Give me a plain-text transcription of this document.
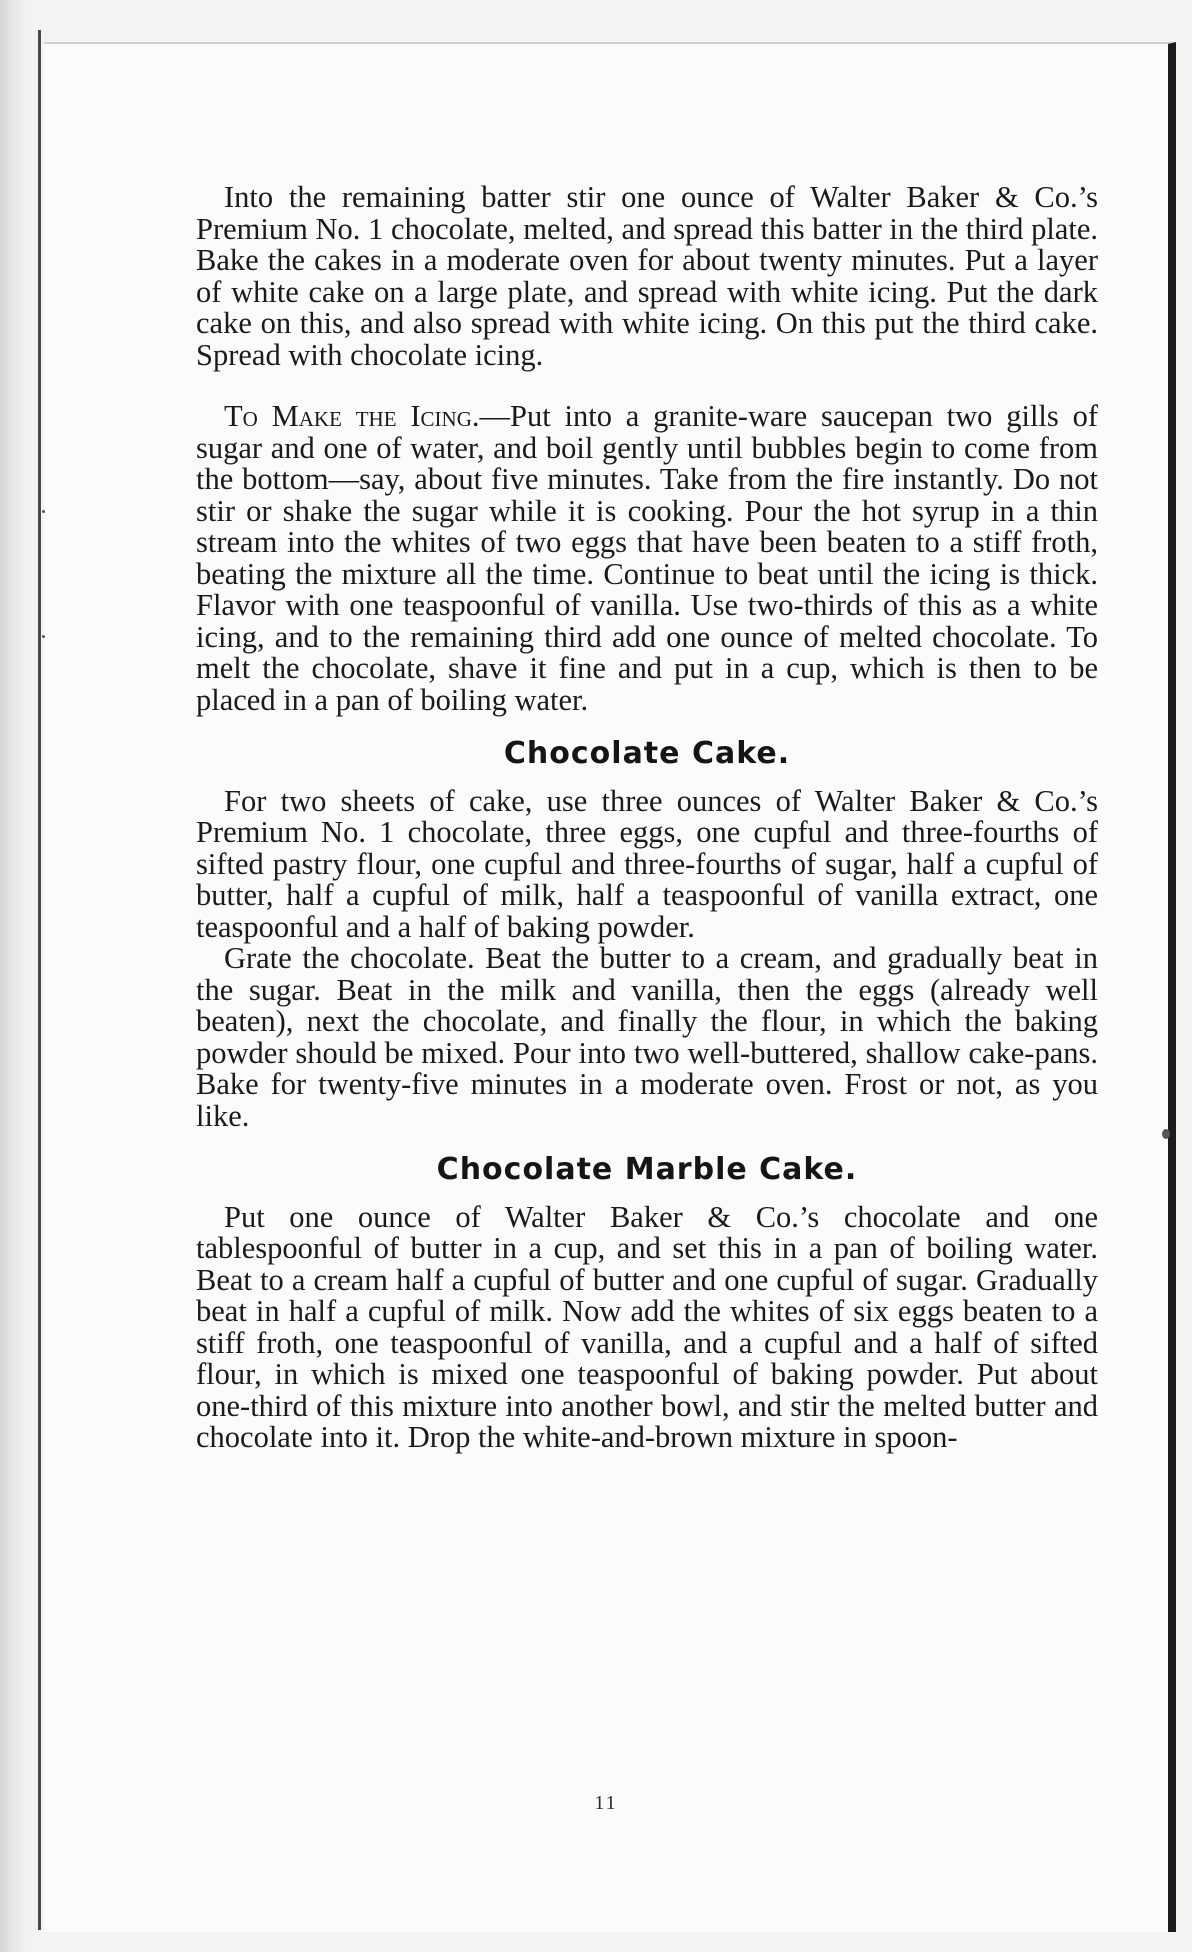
Into the remaining batter stir one ounce of Walter Baker & Co.’s Premium No. 1 chocolate, melted, and spread this batter in the third plate. Bake the cakes in a moderate oven for about twenty minutes. Put a layer of white cake on a large plate, and spread with white icing. Put the dark cake on this, and also spread with white icing. On this put the third cake. Spread with chocolate icing.

To Make the Icing.—Put into a granite-ware saucepan two gills of sugar and one of water, and boil gently until bubbles begin to come from the bottom—say, about five minutes. Take from the fire instantly. Do not stir or shake the sugar while it is cooking. Pour the hot syrup in a thin stream into the whites of two eggs that have been beaten to a stiff froth, beating the mixture all the time. Continue to beat until the icing is thick. Flavor with one teaspoonful of vanilla. Use two-thirds of this as a white icing, and to the remaining third add one ounce of melted chocolate. To melt the chocolate, shave it fine and put in a cup, which is then to be placed in a pan of boiling water.

Chocolate Cake.

For two sheets of cake, use three ounces of Walter Baker & Co.’s Premium No. 1 chocolate, three eggs, one cupful and three-fourths of sifted pastry flour, one cupful and three-fourths of sugar, half a cupful of butter, half a cupful of milk, half a teaspoonful of vanilla extract, one teaspoonful and a half of baking powder.

Grate the chocolate. Beat the butter to a cream, and gradually beat in the sugar. Beat in the milk and vanilla, then the eggs (already well beaten), next the chocolate, and finally the flour, in which the baking powder should be mixed. Pour into two well-buttered, shallow cake-pans. Bake for twenty-five minutes in a moderate oven. Frost or not, as you like.

Chocolate Marble Cake.

Put one ounce of Walter Baker & Co.’s chocolate and one tablespoonful of butter in a cup, and set this in a pan of boiling water. Beat to a cream half a cupful of butter and one cupful of sugar. Gradually beat in half a cupful of milk. Now add the whites of six eggs beaten to a stiff froth, one teaspoonful of vanilla, and a cupful and a half of sifted flour, in which is mixed one teaspoonful of baking powder. Put about one-third of this mixture into another bowl, and stir the melted butter and chocolate into it. Drop the white-and-brown mixture in spoon-

11
